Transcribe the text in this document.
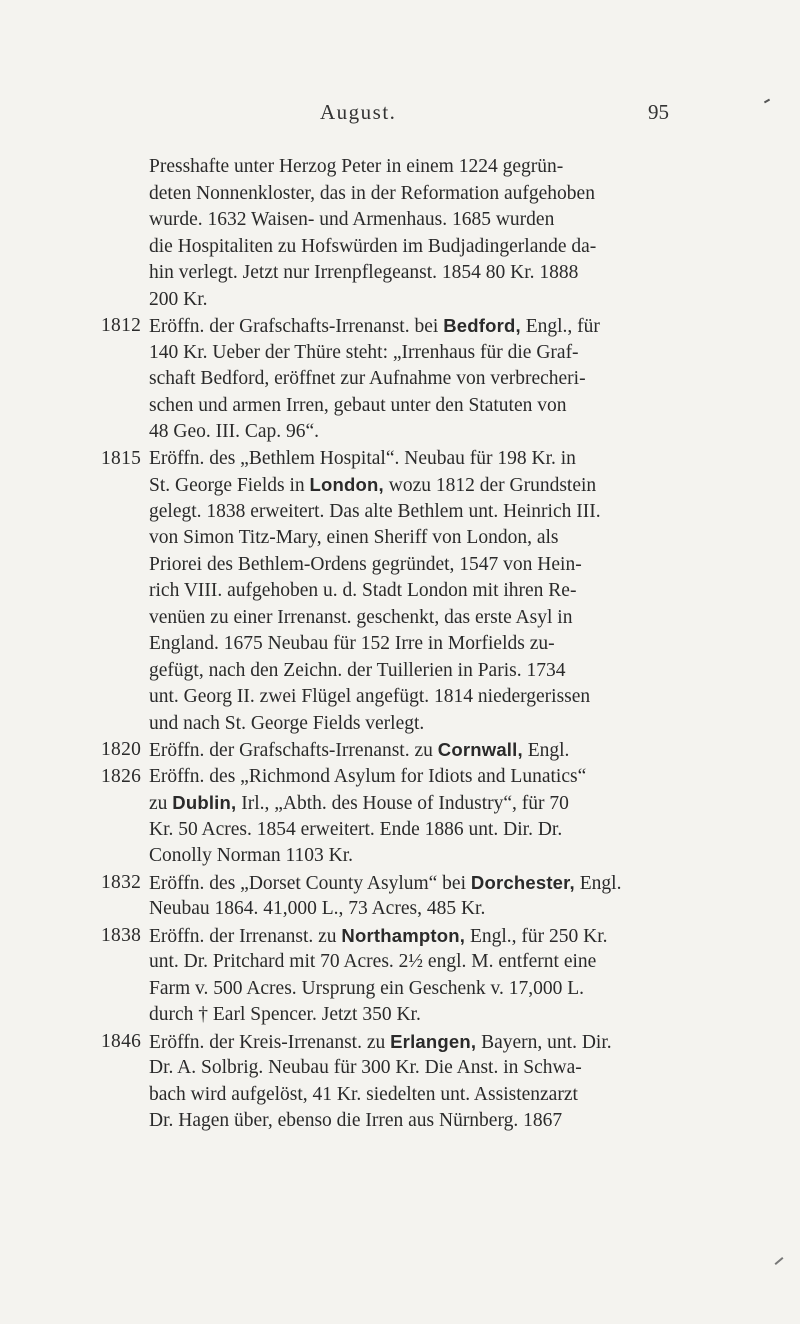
August.	95
Presshafte unter Herzog Peter in einem 1224 gegrün-
deten Nonnenkloster, das in der Reformation aufgehoben
wurde. 1632 Waisen- und Armenhaus. 1685 wurden
die Hospitaliten zu Hofswürden im Budjadingerlande da-
hin verlegt. Jetzt nur Irrenpflegeanst. 1854 80 Kr. 1888
200 Kr.
1812 Eröffn. der Grafschafts-Irrenanst. bei Bedford, Engl., für
140 Kr. Ueber der Thüre steht: „Irrenhaus für die Graf-
schaft Bedford, eröffnet zur Aufnahme von verbrecheri-
schen und armen Irren, gebaut unter den Statuten von
48 Geo. III. Cap. 96“.
1815 Eröffn. des „Bethlem Hospital“. Neubau für 198 Kr. in
St. George Fields in London, wozu 1812 der Grundstein
gelegt. 1838 erweitert. Das alte Bethlem unt. Heinrich III.
von Simon Titz-Mary, einen Sheriff von London, als
Priorei des Bethlem-Ordens gegründet, 1547 von Hein-
rich VIII. aufgehoben u. d. Stadt London mit ihren Re-
venüen zu einer Irrenanst. geschenkt, das erste Asyl in
England. 1675 Neubau für 152 Irre in Morfields zu-
gefügt, nach den Zeichn. der Tuillerien in Paris. 1734
unt. Georg II. zwei Flügel angefügt. 1814 niedergerissen
und nach St. George Fields verlegt.
1820 Eröffn. der Grafschafts-Irrenanst. zu Cornwall, Engl.
1826 Eröffn. des „Richmond Asylum for Idiots and Lunatics“
zu Dublin, Irl., „Abth. des House of Industry“, für 70
Kr. 50 Acres. 1854 erweitert. Ende 1886 unt. Dir. Dr.
Conolly Norman 1103 Kr.
1832 Eröffn. des „Dorset County Asylum“ bei Dorchester, Engl.
Neubau 1864. 41,000 L., 73 Acres, 485 Kr.
1838 Eröffn. der Irrenanst. zu Northampton, Engl., für 250 Kr.
unt. Dr. Pritchard mit 70 Acres. 2½ engl. M. entfernt eine
Farm v. 500 Acres. Ursprung ein Geschenk v. 17,000 L.
durch † Earl Spencer. Jetzt 350 Kr.
1846 Eröffn. der Kreis-Irrenanst. zu Erlangen, Bayern, unt. Dir.
Dr. A. Solbrig. Neubau für 300 Kr. Die Anst. in Schwa-
bach wird aufgelöst, 41 Kr. siedelten unt. Assistenzarzt
Dr. Hagen über, ebenso die Irren aus Nürnberg. 1867
